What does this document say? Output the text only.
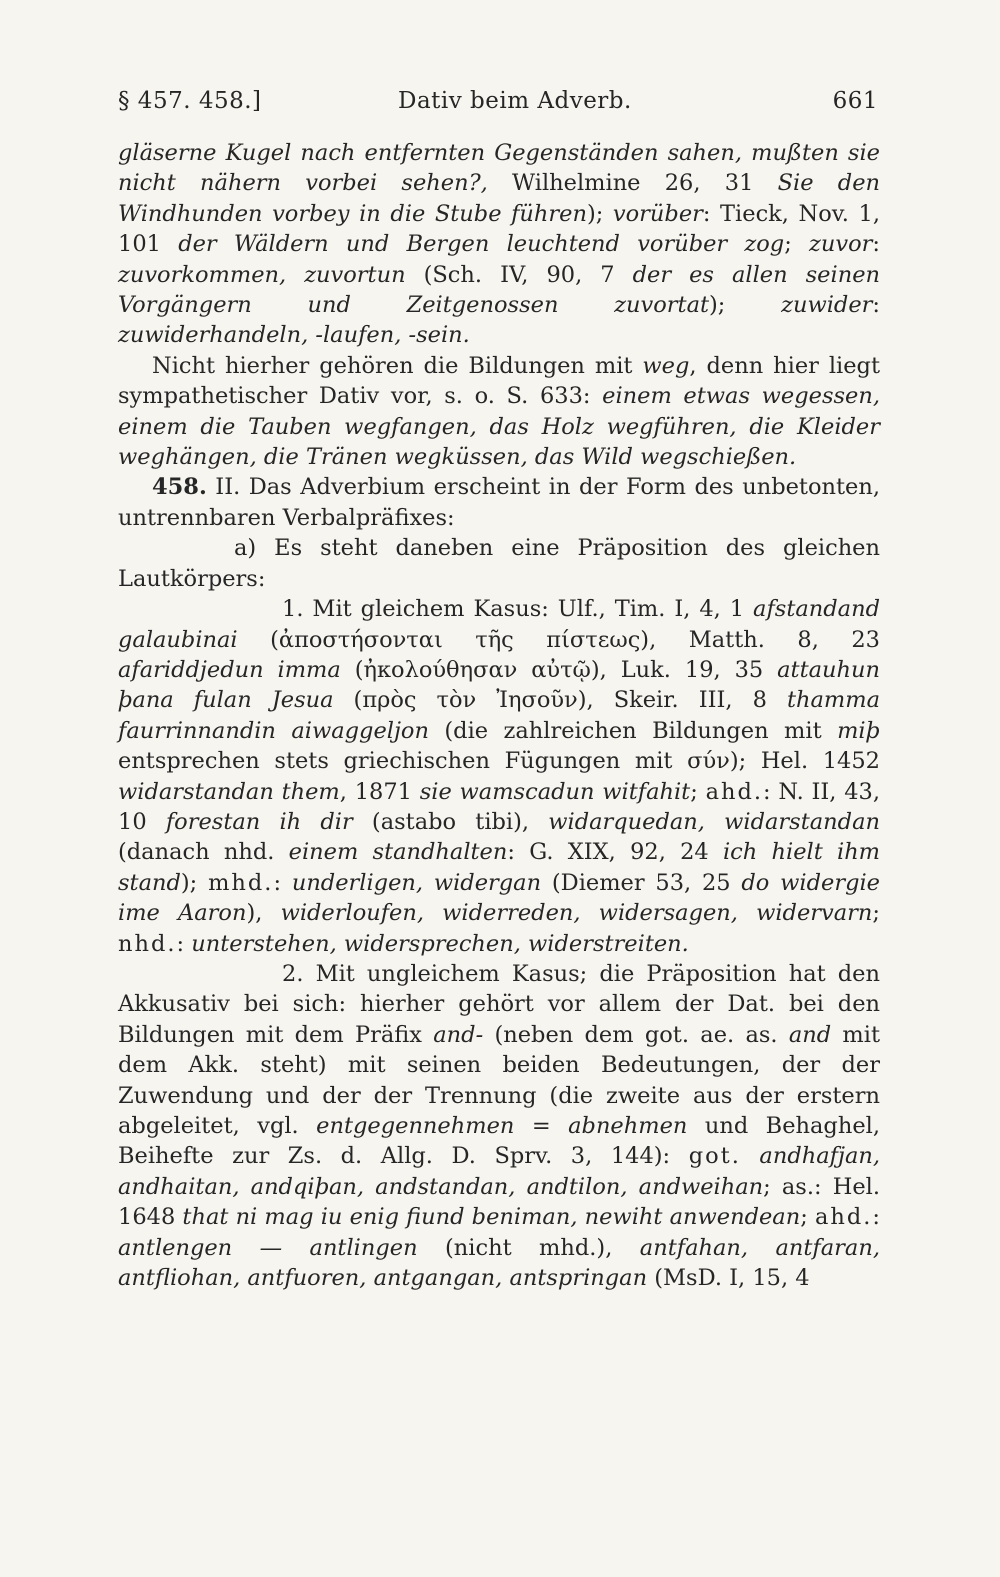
§ 457. 458.]	Dativ beim Adverb.	661

gläserne Kugel nach entfernten Gegenständen sahen, mußten sie nicht nähern vorbei sehen?, Wilhelmine 26, 31 Sie den Windhunden vorbey in die Stube führen); vorüber: Tieck, Nov. 1, 101 der Wäldern und Bergen leuchtend vorüber zog; zuvor: zuvorkommen, zuvortun (Sch. IV, 90, 7 der es allen seinen Vorgängern und Zeitgenossen zuvortat); zuwider: zuwiderhandeln, -laufen, -sein.

Nicht hierher gehören die Bildungen mit weg, denn hier liegt sympathetischer Dativ vor, s. o. S. 633: einem etwas wegessen, einem die Tauben wegfangen, das Holz wegführen, die Kleider weghängen, die Tränen wegküssen, das Wild wegschießen.

458. II. Das Adverbium erscheint in der Form des unbetonten, untrennbaren Verbalpräfixes:

a) Es steht daneben eine Präposition des gleichen Lautkörpers:

1. Mit gleichem Kasus: Ulf., Tim. I, 4, 1 afstandand galaubinai (ἀποστήσονται τῆς πίστεως), Matth. 8, 23 afariddjedun imma (ἠκολούθησαν αὐτῷ), Luk. 19, 35 attauhun þana fulan Jesua (πρὸς τὸν Ἰησοῦν), Skeir. III, 8 thamma faurrinnandin aiwaggeljon (die zahlreichen Bildungen mit miþ entsprechen stets griechischen Fügungen mit σύν); Hel. 1452 widarstandan them, 1871 sie wamscadun witfahit; ahd.: N. II, 43, 10 forestan ih dir (astabo tibi), widarquedan, widarstandan (danach nhd. einem standhalten: G. XIX, 92, 24 ich hielt ihm stand); mhd.: underligen, widergan (Diemer 53, 25 do widergie ime Aaron), widerloufen, widerreden, widersagen, widervarn; nhd.: unterstehen, widersprechen, widerstreiten.

2. Mit ungleichem Kasus; die Präposition hat den Akkusativ bei sich: hierher gehört vor allem der Dat. bei den Bildungen mit dem Präfix and- (neben dem got. ae. as. and mit dem Akk. steht) mit seinen beiden Bedeutungen, der der Zuwendung und der der Trennung (die zweite aus der erstern abgeleitet, vgl. entgegennehmen = abnehmen und Behaghel, Beihefte zur Zs. d. Allg. D. Sprv. 3, 144): got. andhafjan, andhaitan, andqiþan, andstandan, andtilon, andweihan; as.: Hel. 1648 that ni mag iu enig fiund beniman, newiht anwendean; ahd.: antlengen — antlingen (nicht mhd.), antfahan, antfaran, antfliohan, antfuoren, antgangan, antspringan (MsD. I, 15, 4
